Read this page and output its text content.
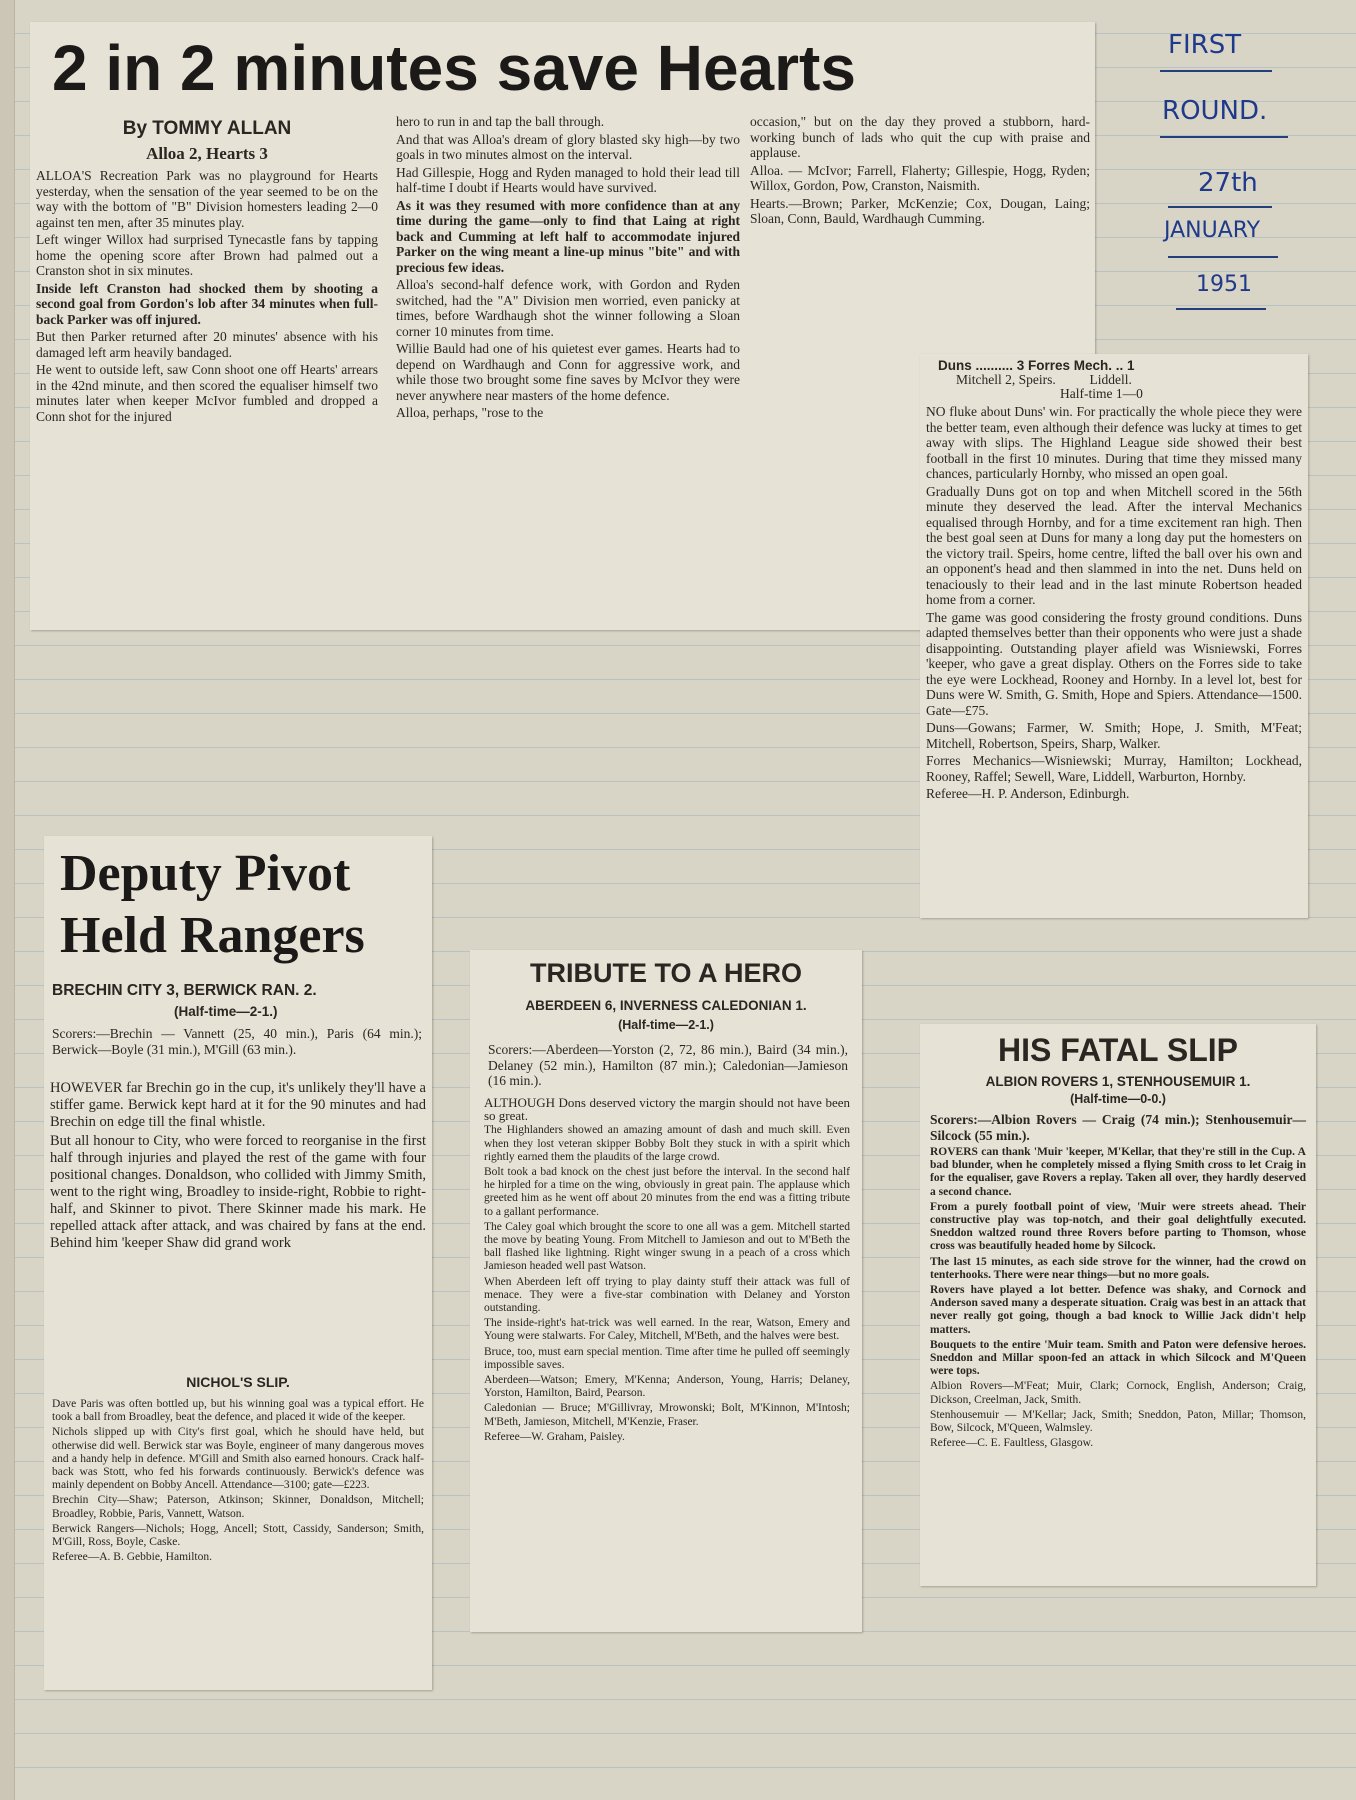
2 in 2 minutes save Hearts
By TOMMY ALLAN
Alloa 2, Hearts 3

ALLOA'S Recreation Park was no playground for Hearts yesterday, when the sensation of the year seemed to be on the way with the bottom of "B" Division homesters leading 2—0 against ten men, after 35 minutes play.

Left winger Willox had surprised Tynecastle fans by tapping home the opening score after Brown had palmed out a Cranston shot in six minutes.

Inside left Cranston had shocked them by shooting a second goal from Gordon's lob after 34 minutes when full-back Parker was off injured.

But then Parker returned after 20 minutes' absence with his damaged left arm heavily bandaged.

He went to outside left, saw Conn shoot one off Hearts' arrears in the 42nd minute, and then scored the equaliser himself two minutes later when keeper McIvor fumbled and dropped a Conn shot for the injured

hero to run in and tap the ball through.

And that was Alloa's dream of glory blasted sky high—by two goals in two minutes almost on the interval.

Had Gillespie, Hogg and Ryden managed to hold their lead till half-time I doubt if Hearts would have survived.

As it was they resumed with more confidence than at any time during the game—only to find that Laing at right back and Cumming at left half to accommodate injured Parker on the wing meant a line-up minus "bite" and with precious few ideas.

Alloa's second-half defence work, with Gordon and Ryden switched, had the "A" Division men worried, even panicky at times, before Wardhaugh shot the winner following a Sloan corner 10 minutes from time.

Willie Bauld had one of his quietest ever games. Hearts had to depend on Wardhaugh and Conn for aggressive work, and while those two brought some fine saves by McIvor they were never anywhere near masters of the home defence.

Alloa, perhaps, "rose to the

occasion," but on the day they proved a stubborn, hard-working bunch of lads who quit the cup with praise and applause.

Alloa. — McIvor; Farrell, Flaherty; Gillespie, Hogg, Ryden; Willox, Gordon, Pow, Cranston, Naismith.

Hearts.—Brown; Parker, McKenzie; Cox, Dougan, Laing; Sloan, Conn, Bauld, Wardhaugh Cumming.

FIRST
ROUND.
27th
JANUARY
1951
Duns .......... 3 Forres Mech. .. 1
Mitchell 2, Speirs.          Liddell.
Half-time 1—0

NO fluke about Duns' win. For practically the whole piece they were the better team, even although their defence was lucky at times to get away with slips. The Highland League side showed their best football in the first 10 minutes. During that time they missed many chances, particularly Hornby, who missed an open goal.

Gradually Duns got on top and when Mitchell scored in the 56th minute they deserved the lead. After the interval Mechanics equalised through Hornby, and for a time excitement ran high. Then the best goal seen at Duns for many a long day put the homesters on the victory trail. Speirs, home centre, lifted the ball over his own and an opponent's head and then slammed in into the net. Duns held on tenaciously to their lead and in the last minute Robertson headed home from a corner.

The game was good considering the frosty ground conditions. Duns adapted themselves better than their opponents who were just a shade disappointing. Outstanding player afield was Wisniewski, Forres 'keeper, who gave a great display. Others on the Forres side to take the eye were Lockhead, Rooney and Hornby. In a level lot, best for Duns were W. Smith, G. Smith, Hope and Spiers. Attendance—1500. Gate—£75.

Duns—Gowans; Farmer, W. Smith; Hope, J. Smith, M'Feat; Mitchell, Robertson, Speirs, Sharp, Walker.

Forres Mechanics—Wisniewski; Murray, Hamilton; Lockhead, Rooney, Raffel; Sewell, Ware, Liddell, Warburton, Hornby.

Referee—H. P. Anderson, Edinburgh.

Deputy Pivot
Held Rangers
BRECHIN CITY 3, BERWICK RAN. 2.
(Half-time—2-1.)
Scorers:—Brechin — Vannett (25, 40 min.), Paris (64 min.); Berwick—Boyle (31 min.), M'Gill (63 min.).

HOWEVER far Brechin go in the cup, it's unlikely they'll have a stiffer game. Berwick kept hard at it for the 90 minutes and had Brechin on edge till the final whistle.

But all honour to City, who were forced to reorganise in the first half through injuries and played the rest of the game with four positional changes. Donaldson, who collided with Jimmy Smith, went to the right wing, Broadley to inside-right, Robbie to right-half, and Skinner to pivot. There Skinner made his mark. He repelled attack after attack, and was chaired by fans at the end. Behind him 'keeper Shaw did grand work

NICHOL'S SLIP.

Dave Paris was often bottled up, but his winning goal was a typical effort. He took a ball from Broadley, beat the defence, and placed it wide of the keeper.

Nichols slipped up with City's first goal, which he should have held, but otherwise did well. Berwick star was Boyle, engineer of many dangerous moves and a handy help in defence. M'Gill and Smith also earned honours. Crack half-back was Stott, who fed his forwards continuously. Berwick's defence was mainly dependent on Bobby Ancell. Attendance—3100; gate—£223.

Brechin City—Shaw; Paterson, Atkinson; Skinner, Donaldson, Mitchell; Broadley, Robbie, Paris, Vannett, Watson.

Berwick Rangers—Nichols; Hogg, Ancell; Stott, Cassidy, Sanderson; Smith, M'Gill, Ross, Boyle, Caske.

Referee—A. B. Gebbie, Hamilton.

TRIBUTE TO A HERO
ABERDEEN 6, INVERNESS CALEDONIAN 1.
(Half-time—2-1.)
Scorers:—Aberdeen—Yorston (2, 72, 86 min.), Baird (34 min.), Delaney (52 min.), Hamilton (87 min.); Caledonian—Jamieson (16 min.).

ALTHOUGH Dons deserved victory the margin should not have been so great.

The Highlanders showed an amazing amount of dash and much skill. Even when they lost veteran skipper Bobby Bolt they stuck in with a spirit which rightly earned them the plaudits of the large crowd.

Bolt took a bad knock on the chest just before the interval. In the second half he hirpled for a time on the wing, obviously in great pain. The applause which greeted him as he went off about 20 minutes from the end was a fitting tribute to a gallant performance.

The Caley goal which brought the score to one all was a gem. Mitchell started the move by beating Young. From Mitchell to Jamieson and out to M'Beth the ball flashed like lightning. Right winger swung in a peach of a cross which Jamieson headed well past Watson.

When Aberdeen left off trying to play dainty stuff their attack was full of menace. They were a five-star combination with Delaney and Yorston outstanding.

The inside-right's hat-trick was well earned. In the rear, Watson, Emery and Young were stalwarts. For Caley, Mitchell, M'Beth, and the halves were best.

Bruce, too, must earn special mention. Time after time he pulled off seemingly impossible saves.

Aberdeen—Watson; Emery, M'Kenna; Anderson, Young, Harris; Delaney, Yorston, Hamilton, Baird, Pearson.

Caledonian — Bruce; M'Gillivray, Mrowonski; Bolt, M'Kinnon, M'Intosh; M'Beth, Jamieson, Mitchell, M'Kenzie, Fraser.

Referee—W. Graham, Paisley.

HIS FATAL SLIP
ALBION ROVERS 1, STENHOUSEMUIR 1.
(Half-time—0-0.)
Scorers:—Albion Rovers — Craig (74 min.); Stenhousemuir—Silcock (55 min.).

ROVERS can thank 'Muir 'keeper, M'Kellar, that they're still in the Cup. A bad blunder, when he completely missed a flying Smith cross to let Craig in for the equaliser, gave Rovers a replay. Taken all over, they hardly deserved a second chance.

From a purely football point of view, 'Muir were streets ahead. Their constructive play was top-notch, and their goal delightfully executed. Sneddon waltzed round three Rovers before parting to Thomson, whose cross was beautifully headed home by Silcock.

The last 15 minutes, as each side strove for the winner, had the crowd on tenterhooks. There were near things—but no more goals.

Rovers have played a lot better. Defence was shaky, and Cornock and Anderson saved many a desperate situation. Craig was best in an attack that never really got going, though a bad knock to Willie Jack didn't help matters.

Bouquets to the entire 'Muir team. Smith and Paton were defensive heroes. Sneddon and Millar spoon-fed an attack in which Silcock and M'Queen were tops.

Albion Rovers—M'Feat; Muir, Clark; Cornock, English, Anderson; Craig, Dickson, Creelman, Jack, Smith.

Stenhousemuir — M'Kellar; Jack, Smith; Sneddon, Paton, Millar; Thomson, Bow, Silcock, M'Queen, Walmsley.

Referee—C. E. Faultless, Glasgow.
